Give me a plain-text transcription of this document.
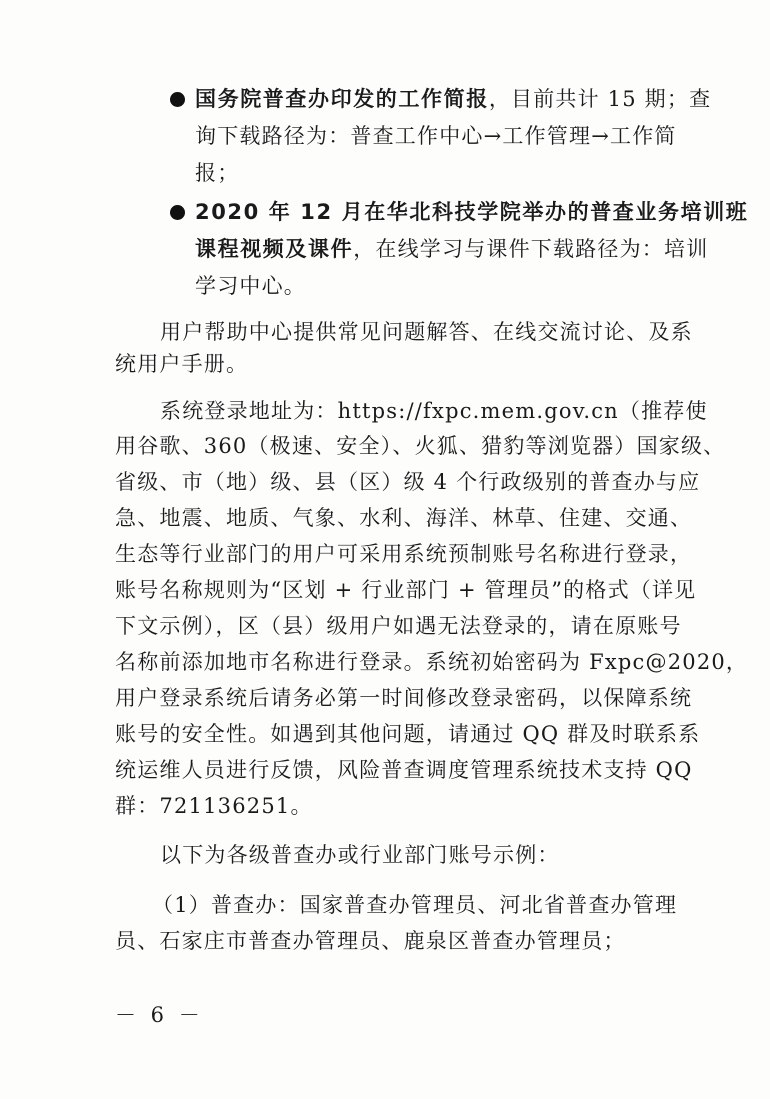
国务院普查办印发的工作简报，目前共计 15 期；查
询下载路径为：普查工作中心→工作管理→工作简
报；
2020 年 12 月在华北科技学院举办的普查业务培训班
课程视频及课件，在线学习与课件下载路径为：培训
学习中心。
用户帮助中心提供常见问题解答、在线交流讨论、及系
统用户手册。
系统登录地址为：https://fxpc.mem.gov.cn（推荐使
用谷歌、360（极速、安全）、火狐、猎豹等浏览器）国家级、
省级、市（地）级、县（区）级 4 个行政级别的普查办与应
急、地震、地质、气象、水利、海洋、林草、住建、交通、
生态等行业部门的用户可采用系统预制账号名称进行登录，
账号名称规则为“区划 + 行业部门 + 管理员”的格式（详见
下文示例），区（县）级用户如遇无法登录的，请在原账号
名称前添加地市名称进行登录。系统初始密码为 Fxpc@2020，
用户登录系统后请务必第一时间修改登录密码，以保障系统
账号的安全性。如遇到其他问题，请通过 QQ 群及时联系系
统运维人员进行反馈，风险普查调度管理系统技术支持 QQ
群：721136251。
以下为各级普查办或行业部门账号示例：
（1）普查办：国家普查办管理员、河北省普查办管理
员、石家庄市普查办管理员、鹿泉区普查办管理员；
－ 6 －
